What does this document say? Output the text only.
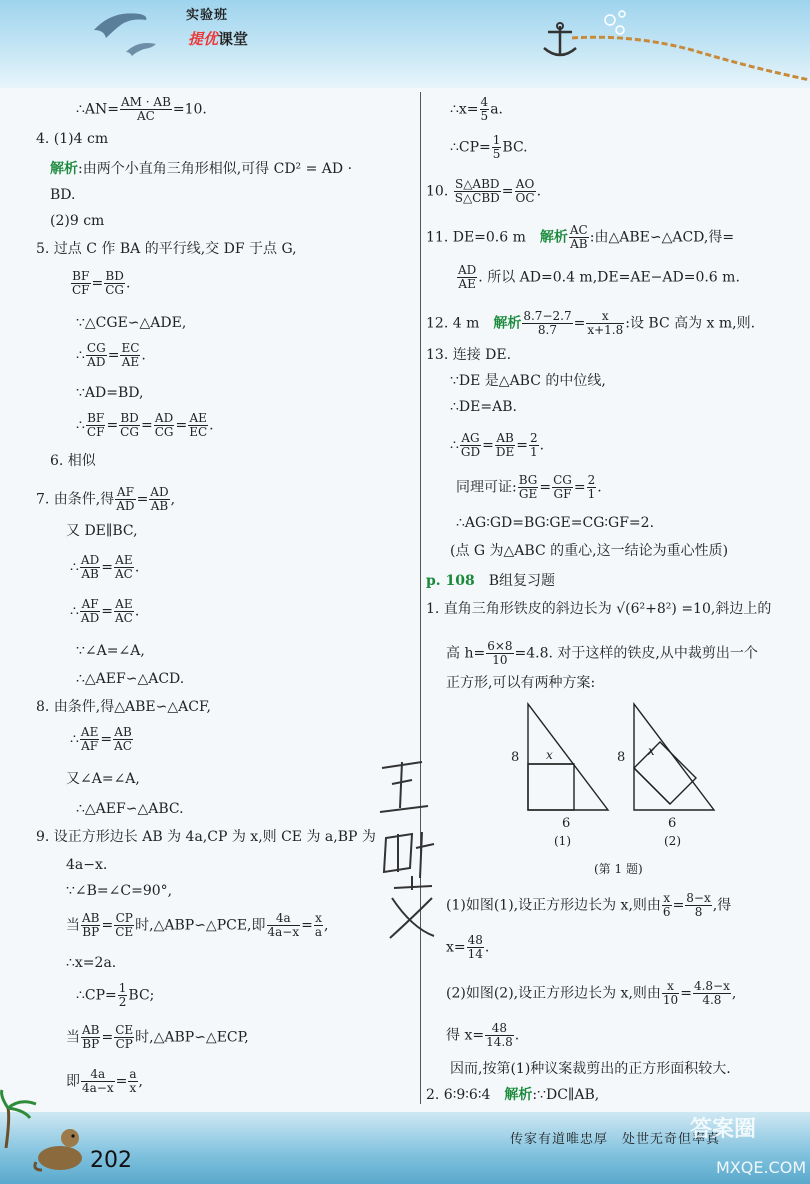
实验班
提优课堂

∴AN= $\frac{AM \cdot AB}{AC} =10$.
4. (1)4 cm
解析:由两个小直角三角形相似,可得 CD² = AD ·
BD.
(2)9 cm
5. 过点 C 作 BA 的平行线,交 DF 于点 G,
$\frac{BF}{CF} = \frac{BD}{CG}$ .
∵△CGE∽△ADE,
∴ $\frac{CG}{AD} = \frac{EC}{AE}$ .
∵AD=BD,
∴ $\frac{BF}{CF} = \frac{BD}{CG} = \frac{AD}{CG} = \frac{AE}{EC}$ .
6. 相似
7. 由条件,得 $\frac{AF}{AD} = \frac{AD}{AB}$ ,
又 DE∥BC,
∴ $\frac{AD}{AB} = \frac{AE}{AC}$ .
∴ $\frac{AF}{AD} = \frac{AE}{AC}$ .
∵∠A=∠A,
∴△AEF∽△ACD.
8. 由条件,得△ABE∽△ACF,
∴ $\frac{AE}{AF} = \frac{AB}{AC}$
又∠A=∠A,
∴△AEF∽△ABC.
9. 设正方形边长 AB 为 4a,CP 为 x,则 CE 为 a,BP 为
4a−x.
∵∠B=∠C=90°,
当 $\frac{AB}{BP} = \frac{CP}{CE}$ 时,△ABP∽△PCE,即 $\frac{4a}{4a-x} = \frac{x}{a}$ ,
∴x=2a.
∴CP= $\frac{1}{2}$ BC;
当 $\frac{AB}{BP} = \frac{CE}{CP}$ 时,△ABP∽△ECP,
即 $\frac{4a}{4a-x} = \frac{a}{x}$ ,
∴x= $\frac{4}{5} a$.
∴CP= $\frac{1}{5}$ BC.
10. S△ABD
S△CBD = $\frac{AO}{OC}$ .
11. DE=0.6 m　解析 $\frac{AC}{AB}$ :由△ABE∽△ACD,得=
$\frac{AD}{AE}$ . 所以 AD=0.4 m,DE=AE−AD=0.6 m.
12. 4 m　解析 $\frac{8.7-2.7}{8.7} = \frac{x}{x+1.8}$ :设 BC 高为 x m,则.
13. 连接 DE.
∵DE 是△ABC 的中位线,
∴DE=AB.
∴ $\frac{AG}{GD} = \frac{AB}{DE} = \frac{2}{1}$ .
同理可证: $\frac{BG}{GE} = \frac{CG}{GF} = \frac{2}{1}$ .
∴AG∶GD=BG∶GE=CG∶GF=2.
(点 G 为△ABC 的重心,这一结论为重心性质)
p. 108　B组复习题
1. 直角三角形铁皮的斜边长为 √(6²+8²) =10,斜边上的
高 $h= \frac{6\times 8}{10} =4.8$. 对于这样的铁皮,从中裁剪出一个
正方形,可以有两种方案:
(1)如图(1),设正方形边长为 x,则由 $\frac{x}{6} = \frac{8-x}{8}$ ,得
$x= \frac{48}{14}$ .
(2)如图(2),设正方形边长为 x,则由 $\frac{x}{10} = \frac{4.8-x}{4.8}$ ,
得 $x= \frac{48}{14.8}$ .
因而,按第(1)种议案裁剪出的正方形面积较大.
2. 6∶9∶6∶4　解析:∵DC∥AB,
8	8
x	x
6	6
(1)	(2)
(第 1 题)
202
传家有道唯忠厚　处世无奇但率真
答案圈
MXQE.COM
